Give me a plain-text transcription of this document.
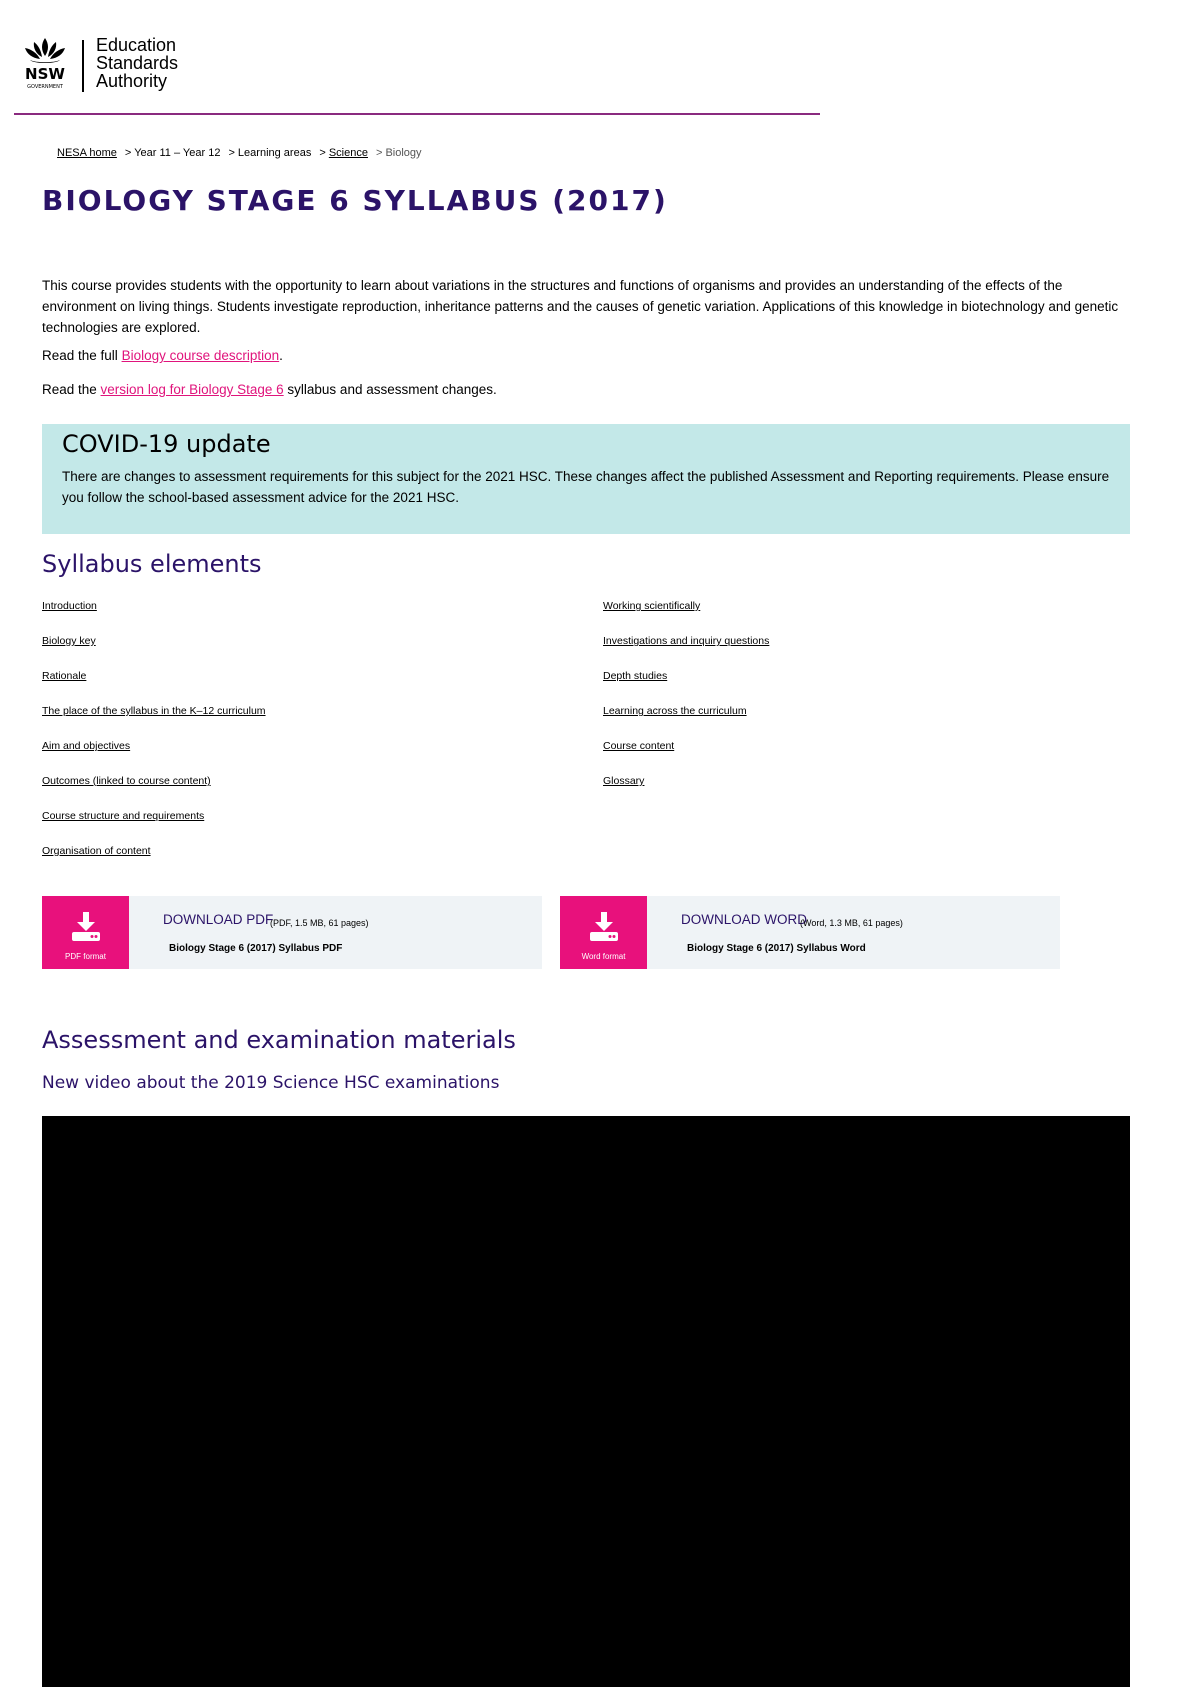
NSW
GOVERNMENT
Education
Standards
Authority
NESA home > Year 11 – Year 12 > Learning areas > Science > Biology
BIOLOGY STAGE 6 SYLLABUS (2017)

This course provides students with the opportunity to learn about variations in the structures and functions of organisms and provides an understanding of the effects of the environment on living things. Students investigate reproduction, inheritance patterns and the causes of genetic variation. Applications of this knowledge in biotechnology and genetic technologies are explored.

Read the full Biology course description.

Read the version log for Biology Stage 6 syllabus and assessment changes.

COVID-19 update

There are changes to assessment requirements for this subject for the 2021 HSC. These changes affect the published Assessment and Reporting requirements. Please ensure you follow the school-based assessment advice for the 2021 HSC.

Syllabus elements
Introduction
Biology key
Rationale
The place of the syllabus in the K–12 curriculum
Aim and objectives
Outcomes (linked to course content)
Course structure and requirements
Organisation of content
Working scientifically
Investigations and inquiry questions
Depth studies
Learning across the curriculum
Course content
Glossary
PDF format
DOWNLOAD PDF
(PDF, 1.5 MB, 61 pages)
Biology Stage 6 (2017) Syllabus PDF
Word format
DOWNLOAD WORD
(Word, 1.3 MB, 61 pages)
Biology Stage 6 (2017) Syllabus Word
Assessment and examination materials
New video about the 2019 Science HSC examinations
